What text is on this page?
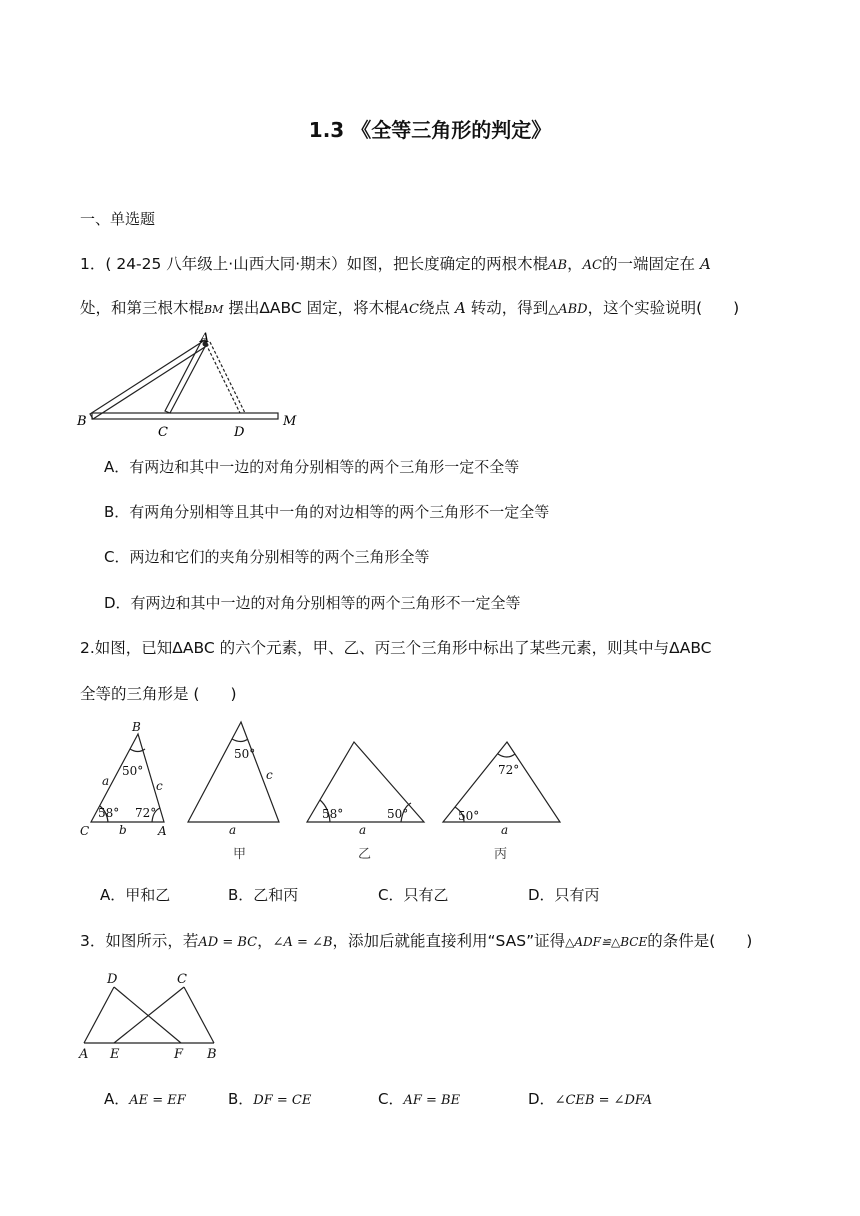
1.3 《全等三角形的判定》
一、单选题
1．( 24-25 八年级上·山西大同·期末）如图，把长度确定的两根木棍AB，AC的一端固定在 A
处，和第三根木棍BM 摆出ΔABC 固定，将木棍AC绕点 A 转动，得到△ABD，这个实验说明(　　)
A
B
C	D
M
A．有两边和其中一边的对角分别相等的两个三角形一定不全等
B．有两角分别相等且其中一角的对边相等的两个三角形不一定全等
C．两边和它们的夹角分别相等的两个三角形全等
D．有两边和其中一边的对角分别相等的两个三角形不一定全等
2.如图，已知ΔABC 的六个元素，甲、乙、丙三个三角形中标出了某些元素，则其中与ΔABC
全等的三角形是 (　　)
B
C	A
a
b
c
50°
58° 72°
50°
c
a
58°	50°
a
72°
50°
a
甲	乙	丙
A．甲和乙	B．乙和丙	C．只有乙	D．只有丙
3．如图所示，若AD = BC，∠A = ∠B，添加后就能直接利用“SAS”证得△ADF≌△BCE的条件是(　　)
D	C
A E	F B
A．AE = EF	B．DF = CE	C．AF = BE	D．∠CEB = ∠DFA
